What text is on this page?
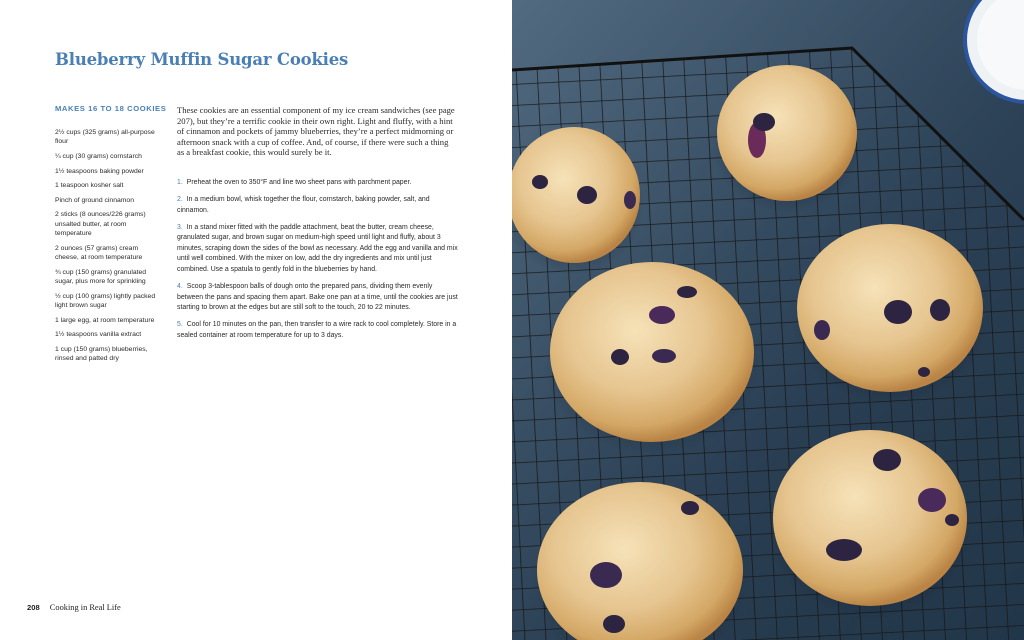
Blueberry Muffin Sugar Cookies
MAKES 16 TO 18 COOKIES
2½ cups (325 grams) all-purpose flour
¼ cup (30 grams) cornstarch
1½ teaspoons baking powder
1 teaspoon kosher salt
Pinch of ground cinnamon
2 sticks (8 ounces/226 grams) unsalted butter, at room temperature
2 ounces (57 grams) cream cheese, at room temperature
¾ cup (150 grams) granulated sugar, plus more for sprinkling
½ cup (100 grams) lightly packed light brown sugar
1 large egg, at room temperature
1½ teaspoons vanilla extract
1 cup (150 grams) blueberries, rinsed and patted dry

These cookies are an essential component of my ice cream sandwiches (see page 207), but they’re a terrific cookie in their own right. Light and fluffy, with a hint of cinnamon and pockets of jammy blueberries, they’re a perfect midmorning or afternoon snack with a cup of coffee. And, of course, if there were such a thing as a breakfast cookie, this would surely be it.

1. Preheat the oven to 350°F and line two sheet pans with parchment paper.
2. In a medium bowl, whisk together the flour, cornstarch, baking powder, salt, and cinnamon.
3. In a stand mixer fitted with the paddle attachment, beat the butter, cream cheese, granulated sugar, and brown sugar on medium-high speed until light and fluffy, about 3 minutes, scraping down the sides of the bowl as necessary. Add the egg and vanilla and mix until well combined. With the mixer on low, add the dry ingredients and mix until just combined. Use a spatula to gently fold in the blueberries by hand.
4. Scoop 3-tablespoon balls of dough onto the prepared pans, dividing them evenly between the pans and spacing them apart. Bake one pan at a time, until the cookies are just starting to brown at the edges but are still soft to the touch, 20 to 22 minutes.
5. Cool for 10 minutes on the pan, then transfer to a wire rack to cool completely. Store in a sealed container at room temperature for up to 3 days.
208 Cooking in Real Life
